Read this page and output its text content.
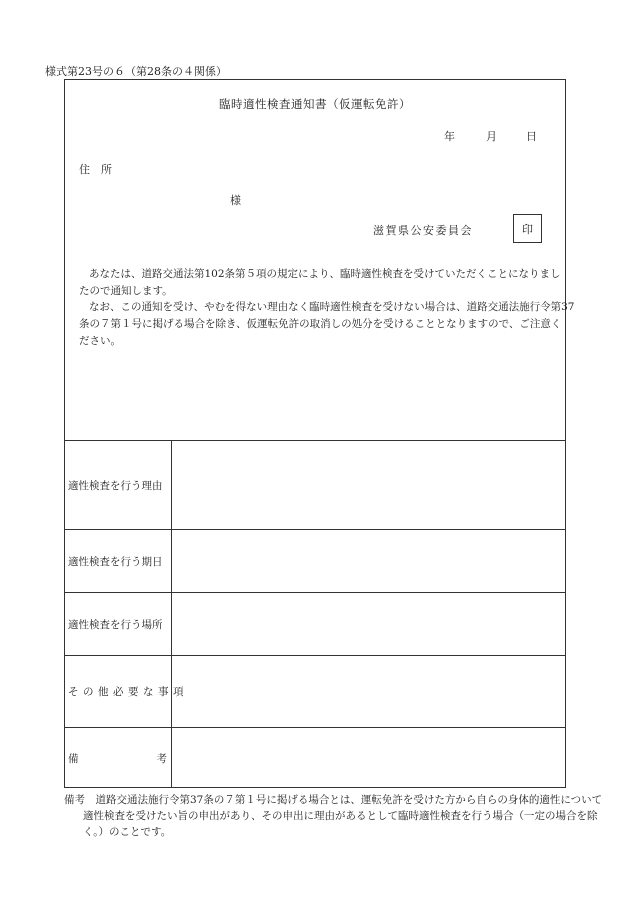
様式第23号の６（第28条の４関係）
臨時適性検査通知書（仮運転免許）
年	月	日
住　所
様
滋賀県公安委員会	印
あなたは、道路交通法第102条第５項の規定により、臨時適性検査を受けていただくことになりまし
たので通知します。
なお、この通知を受け、やむを得ない理由なく臨時適性検査を受けない場合は、道路交通法施行令第37
条の７第１号に掲げる場合を除き、仮運転免許の取消しの処分を受けることとなりますので、ご注意く
ださい。
適性検査を行う理由
適性検査を行う期日
適性検査を行う場所
その他必要な事項
備	考
備考　道路交通法施行令第37条の７第１号に掲げる場合とは、運転免許を受けた方から自らの身体的適性について
適性検査を受けたい旨の申出があり、その申出に理由があるとして臨時適性検査を行う場合（一定の場合を除
く。）のことです。
